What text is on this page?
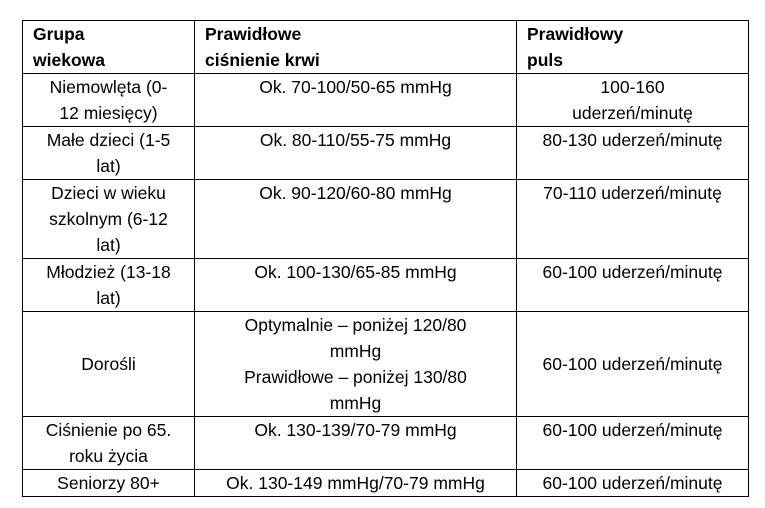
Grupa
wiekowa	Prawidłowe
ciśnienie krwi	Prawidłowy
puls

Niemowlęta (0-
12 miesięcy)	Ok. 70-100/50-65 mmHg	100-160
uderzeń/minutę

Małe dzieci (1-5
lat)	Ok. 80-110/55-75 mmHg	80-130 uderzeń/minutę

Dzieci w wieku
szkolnym (6-12
lat)	Ok. 90-120/60-80 mmHg	70-110 uderzeń/minutę

Młodzież (13-18
lat)	Ok. 100-130/65-85 mmHg	60-100 uderzeń/minutę

Dorośli	Optymalnie – poniżej 120/80
mmHg
Prawidłowe – poniżej 130/80
mmHg	60-100 uderzeń/minutę

Ciśnienie po 65.
roku życia	Ok. 130-139/70-79 mmHg	60-100 uderzeń/minutę

Seniorzy 80+	Ok. 130-149 mmHg/70-79 mmHg	60-100 uderzeń/minutę
